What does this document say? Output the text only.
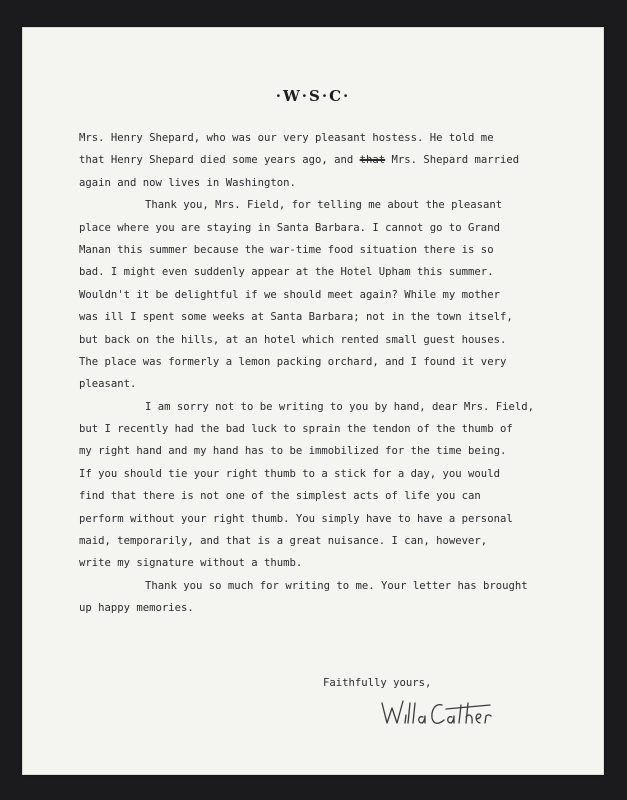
·W·S·C·
Mrs. Henry Shepard, who was our very pleasant hostess. He told me
that Henry Shepard died some years ago, and that Mrs. Shepard married
again and now lives in Washington.
Thank you, Mrs. Field, for telling me about the pleasant
place where you are staying in Santa Barbara. I cannot go to Grand
Manan this summer because the war-time food situation there is so
bad. I might even suddenly appear at the Hotel Upham this summer.
Wouldn't it be delightful if we should meet again? While my mother
was ill I spent some weeks at Santa Barbara; not in the town itself,
but back on the hills, at an hotel which rented small guest houses.
The place was formerly a lemon packing orchard, and I found it very
pleasant.
I am sorry not to be writing to you by hand, dear Mrs. Field,
but I recently had the bad luck to sprain the tendon of the thumb of
my right hand and my hand has to be immobilized for the time being.
If you should tie your right thumb to a stick for a day, you would
find that there is not one of the simplest acts of life you can
perform without your right thumb. You simply have to have a personal
maid, temporarily, and that is a great nuisance. I can, however,
write my signature without a thumb.
Thank you so much for writing to me. Your letter has brought
up happy memories.
Faithfully yours,
